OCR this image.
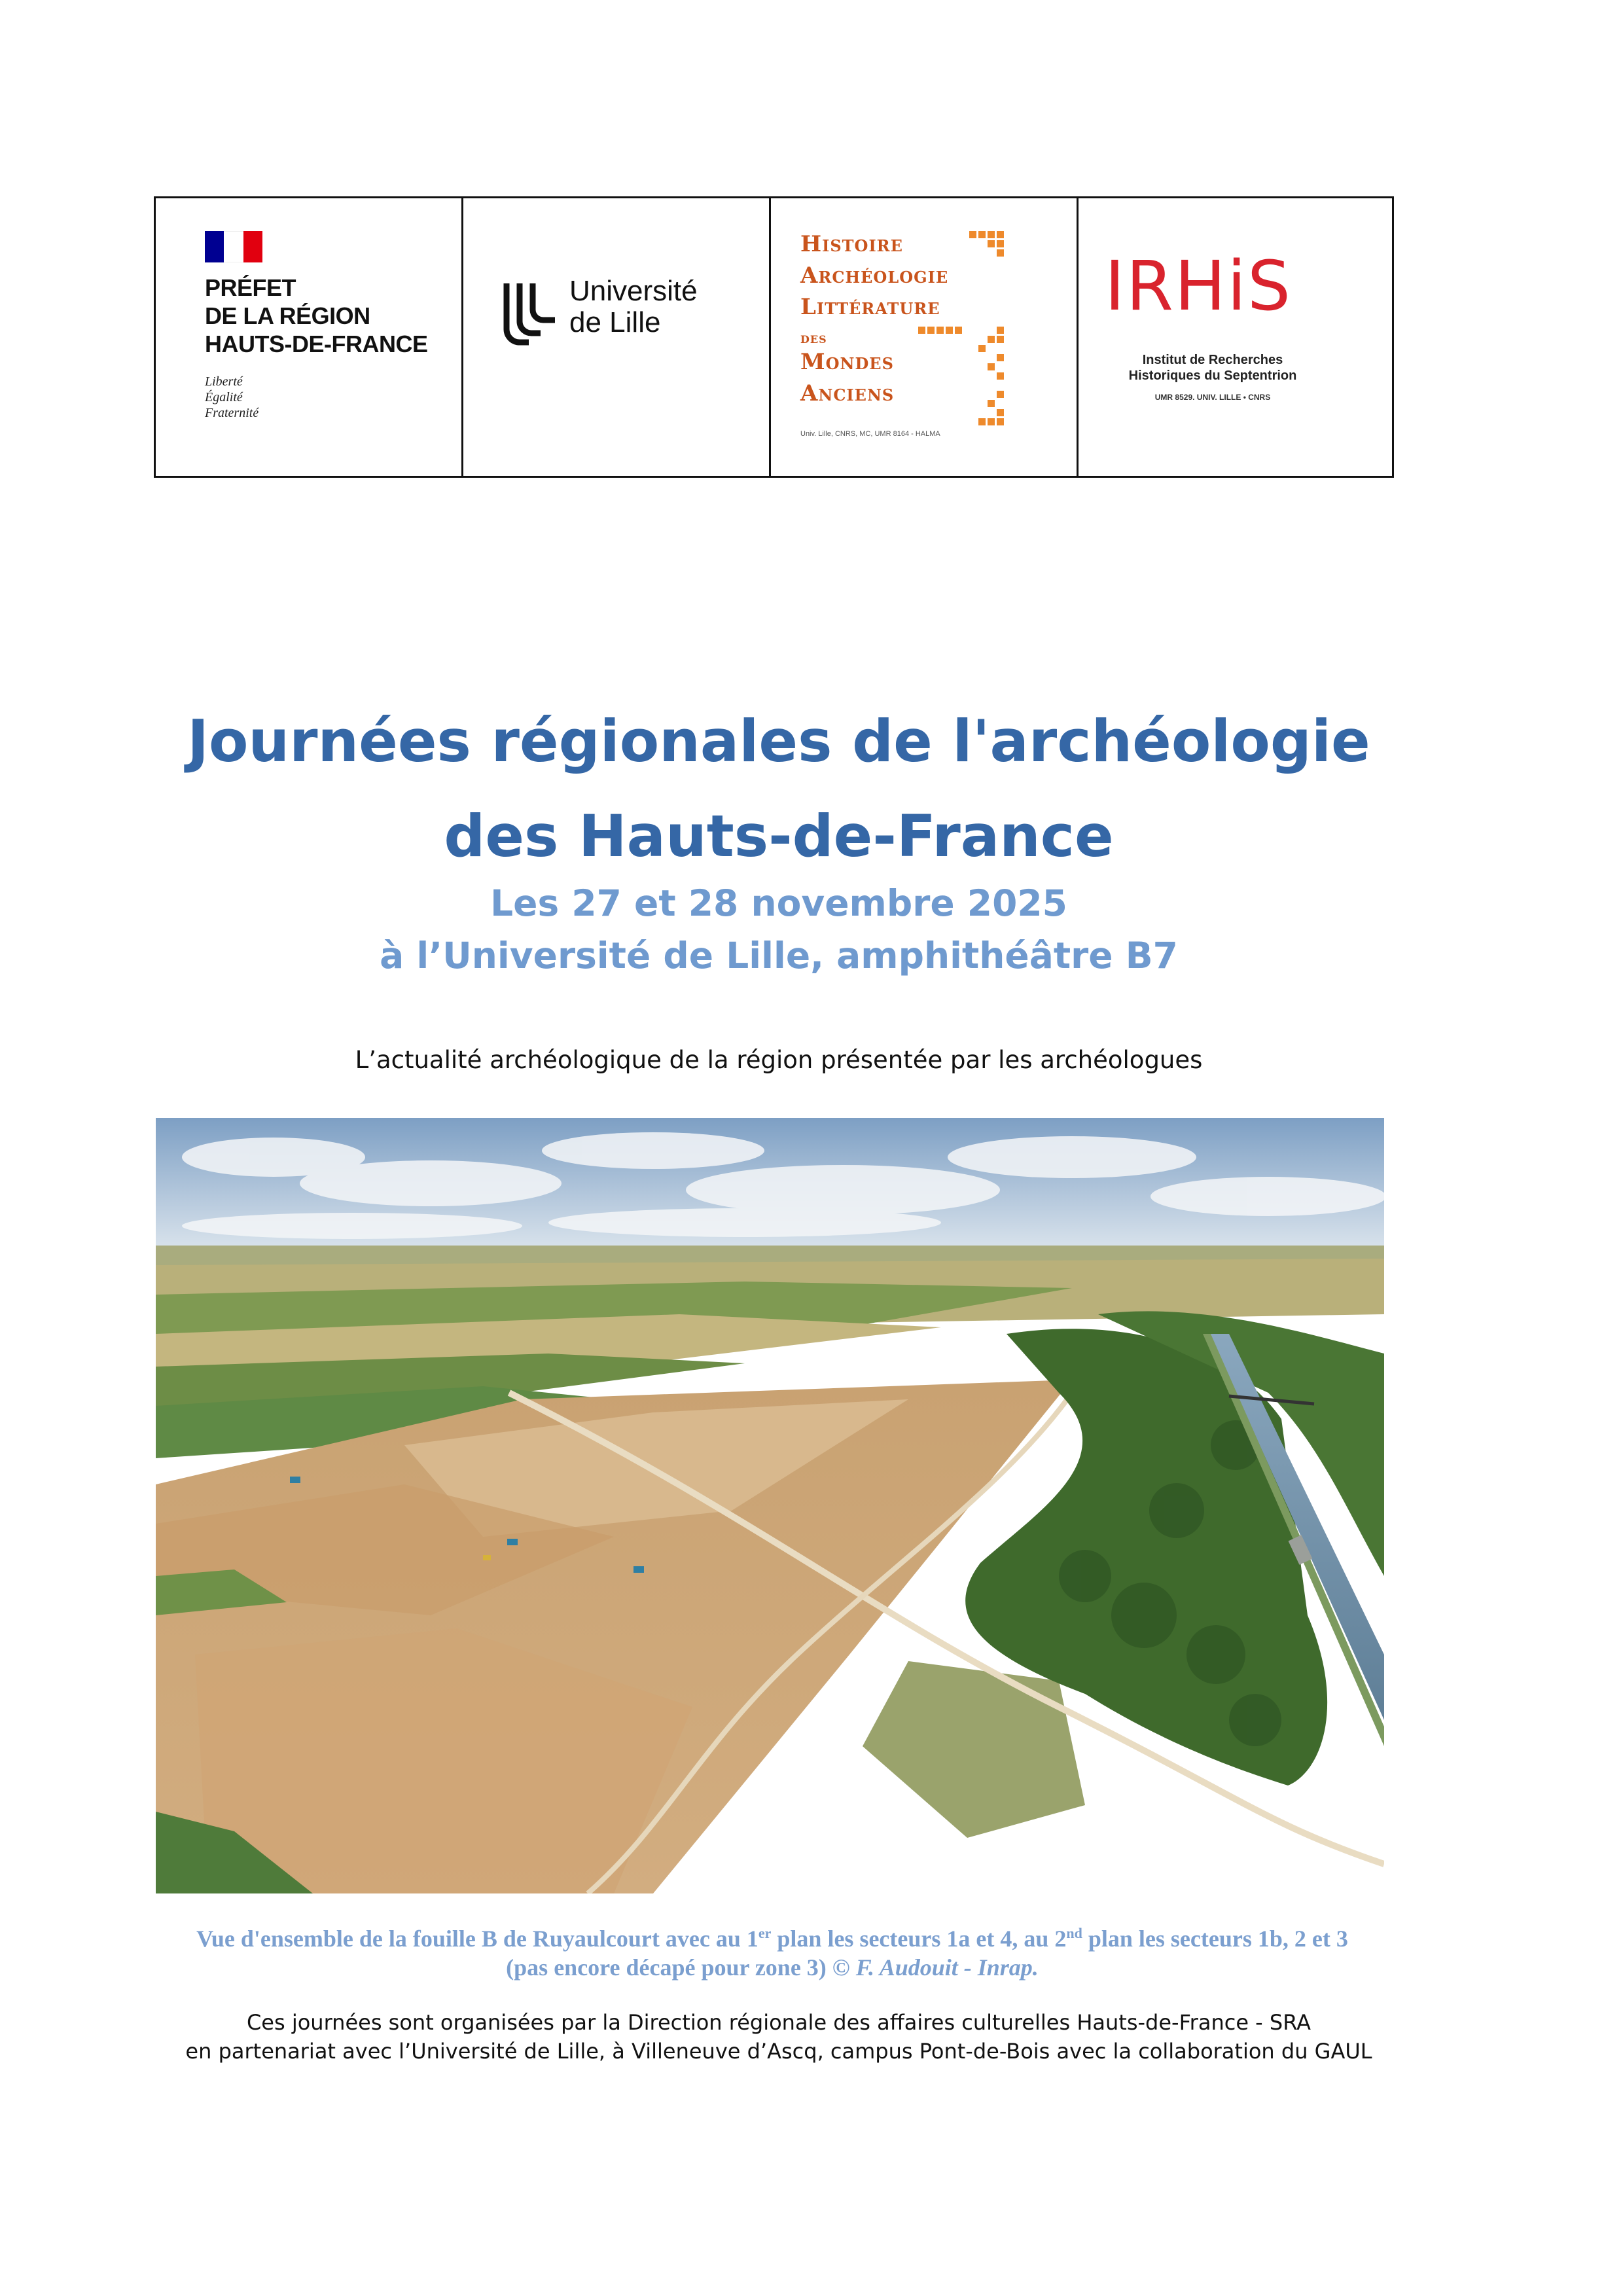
PRÉFET
DE LA RÉGION
HAUTS-DE-FRANCE
Liberté
Égalité
Fraternité
Université
de Lille
HISTOIRE
ARCHÉOLOGIE
LITTÉRATURE
DES
MONDES
ANCIENS
Univ. Lille, CNRS, MC, UMR 8164 - HALMA
IRHiS
Institut de Recherches
Historiques du Septentrion
UMR 8529. UNIV. LILLE • CNRS
Journées régionales de l'archéologie
des Hauts-de-France
Les 27 et 28 novembre 2025
à l’Université de Lille, amphithéâtre B7
L’actualité archéologique de la région présentée par les archéologues
Vue d'ensemble de la fouille B de Ruyaulcourt avec au 1er plan les secteurs 1a et 4, au 2nd plan les secteurs 1b, 2 et 3
(pas encore décapé pour zone 3) © F. Audouit - Inrap.
Ces journées sont organisées par la Direction régionale des affaires culturelles Hauts-de-France - SRA
en partenariat avec l’Université de Lille, à Villeneuve d’Ascq, campus Pont-de-Bois avec la collaboration du GAUL
